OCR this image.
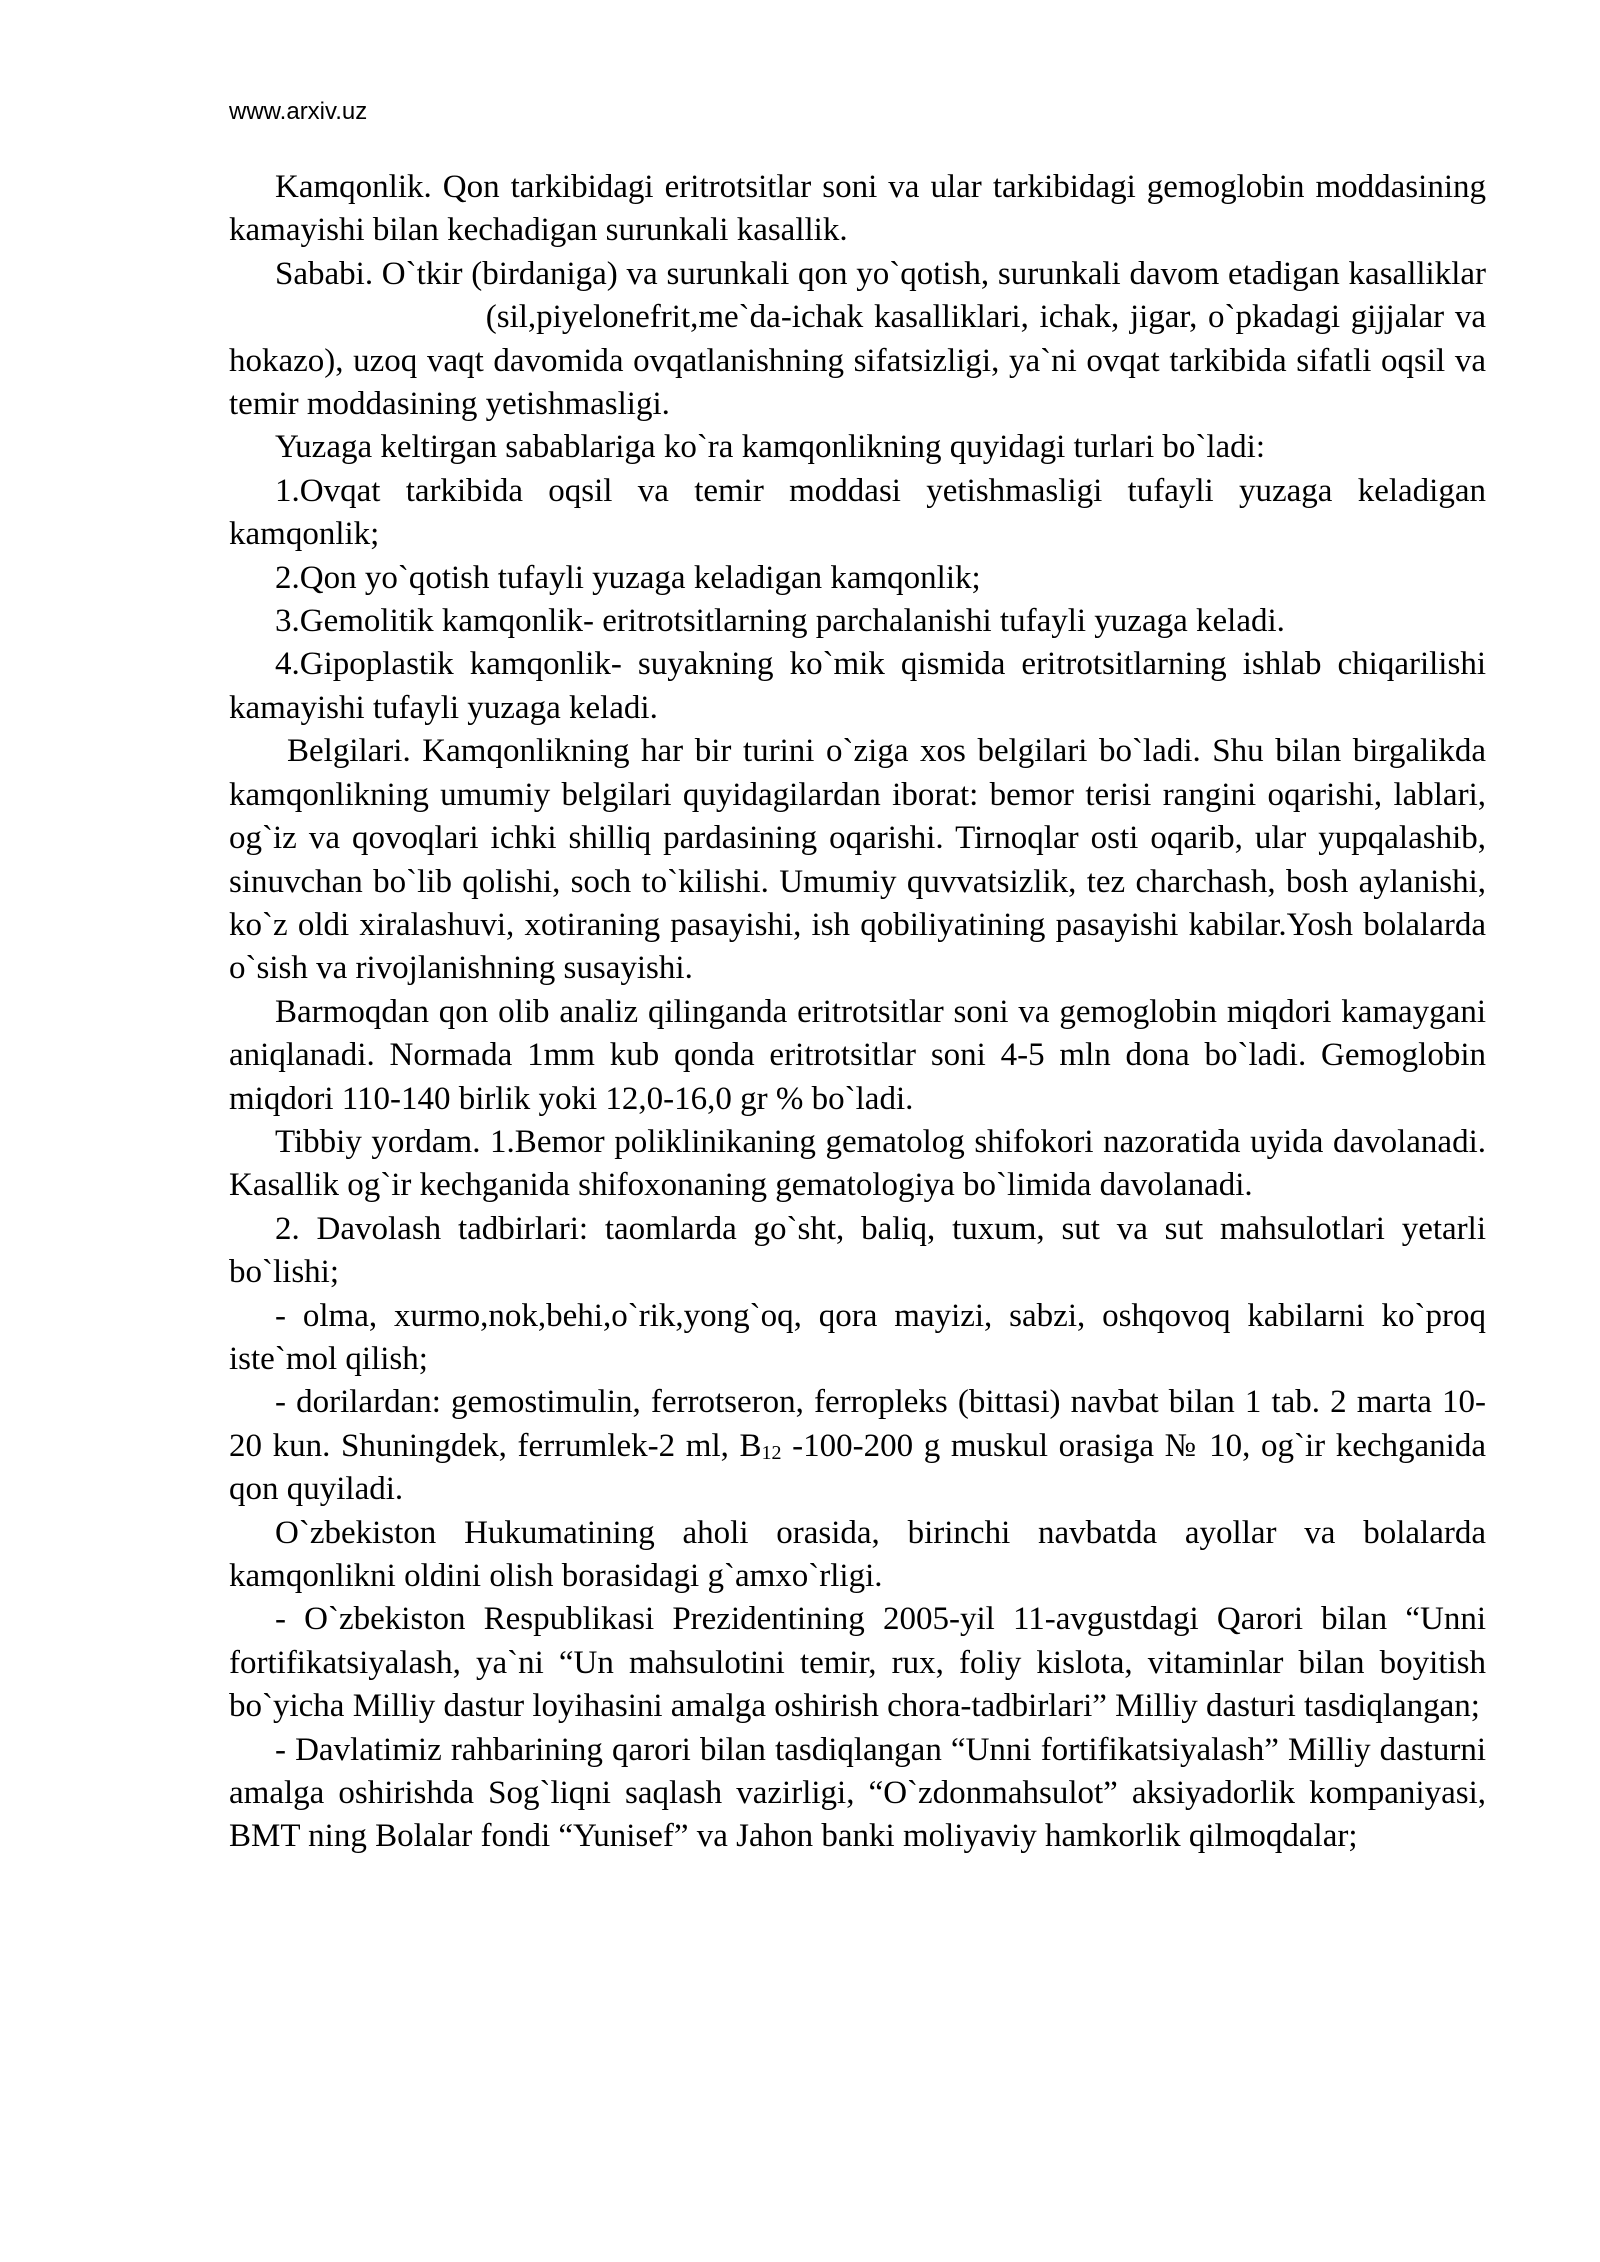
www.arxiv.uz

Kamqonlik. Qon tarkibidagi eritrotsitlar soni va ular tarkibidagi gemoglobin moddasining kamayishi bilan kechadigan surunkali kasallik.

Sababi. O`tkir (birdaniga) va surunkali qon yo`qotish, surunkali davom etadigan kasalliklar                        (sil,piyelonefrit,me`da-ichak kasalliklari, ichak, jigar, o`pkadagi gijjalar va hokazo), uzoq vaqt davomida ovqatlanishning sifatsizligi, ya`ni ovqat tarkibida sifatli oqsil va temir moddasining yetishmasligi.

Yuzaga keltirgan sabablariga ko`ra kamqonlikning quyidagi turlari bo`ladi:

1.Ovqat tarkibida oqsil va temir moddasi yetishmasligi tufayli yuzaga keladigan kamqonlik;

2.Qon yo`qotish tufayli yuzaga keladigan kamqonlik;

3.Gemolitik kamqonlik- eritrotsitlarning parchalanishi tufayli yuzaga keladi.

4.Gipoplastik kamqonlik- suyakning ko`mik qismida eritrotsitlarning ishlab chiqarilishi kamayishi tufayli yuzaga keladi.

Belgilari. Kamqonlikning har bir turini o`ziga xos belgilari bo`ladi. Shu bilan birgalikda kamqonlikning umumiy belgilari quyidagilardan iborat: bemor terisi rangini oqarishi, lablari, og`iz va qovoqlari ichki shilliq pardasining oqarishi. Tirnoqlar osti oqarib, ular yupqalashib, sinuvchan bo`lib qolishi, soch to`kilishi. Umumiy quvvatsizlik, tez charchash, bosh aylanishi, ko`z oldi xiralashuvi, xotiraning pasayishi, ish qobiliyatining pasayishi kabilar.Yosh bolalarda o`sish va rivojlanishning susayishi.

Barmoqdan qon olib analiz qilinganda eritrotsitlar soni va gemoglobin miqdori kamaygani aniqlanadi. Normada 1mm kub qonda eritrotsitlar soni 4-5 mln dona bo`ladi. Gemoglobin miqdori 110-140 birlik yoki 12,0-16,0 gr % bo`ladi.

Tibbiy yordam. 1.Bemor poliklinikaning gematolog shifokori nazoratida uyida davolanadi. Kasallik og`ir kechganida shifoxonaning gematologiya bo`limida davolanadi.

2. Davolash tadbirlari: taomlarda go`sht, baliq, tuxum, sut va sut mahsulotlari yetarli bo`lishi;

- olma, xurmo,nok,behi,o`rik,yong`oq, qora mayizi, sabzi, oshqovoq kabilarni ko`proq iste`mol qilish;

- dorilardan: gemostimulin, ferrotseron, ferropleks (bittasi) navbat bilan 1 tab. 2 marta 10-20 kun. Shuningdek, ferrumlek-2 ml, $B_{12}$ -100-200 g muskul orasiga № 10, og`ir kechganida qon quyiladi.

O`zbekiston Hukumatining aholi orasida, birinchi navbatda ayollar va bolalarda kamqonlikni oldini olish borasidagi g`amxo`rligi.

- O`zbekiston Respublikasi Prezidentining 2005-yil 11-avgustdagi Qarori bilan “Unni fortifikatsiyalash, ya`ni “Un mahsulotini temir, rux, foliy kislota, vitaminlar bilan boyitish bo`yicha Milliy dastur loyihasini amalga oshirish chora-tadbirlari” Milliy dasturi tasdiqlangan;

- Davlatimiz rahbarining qarori bilan tasdiqlangan “Unni fortifikatsiyalash” Milliy dasturni amalga oshirishda Sog`liqni saqlash vazirligi, “O`zdonmahsulot” aksiyadorlik kompaniyasi, BMT ning Bolalar fondi “Yunisef” va Jahon banki moliyaviy hamkorlik qilmoqdalar;
